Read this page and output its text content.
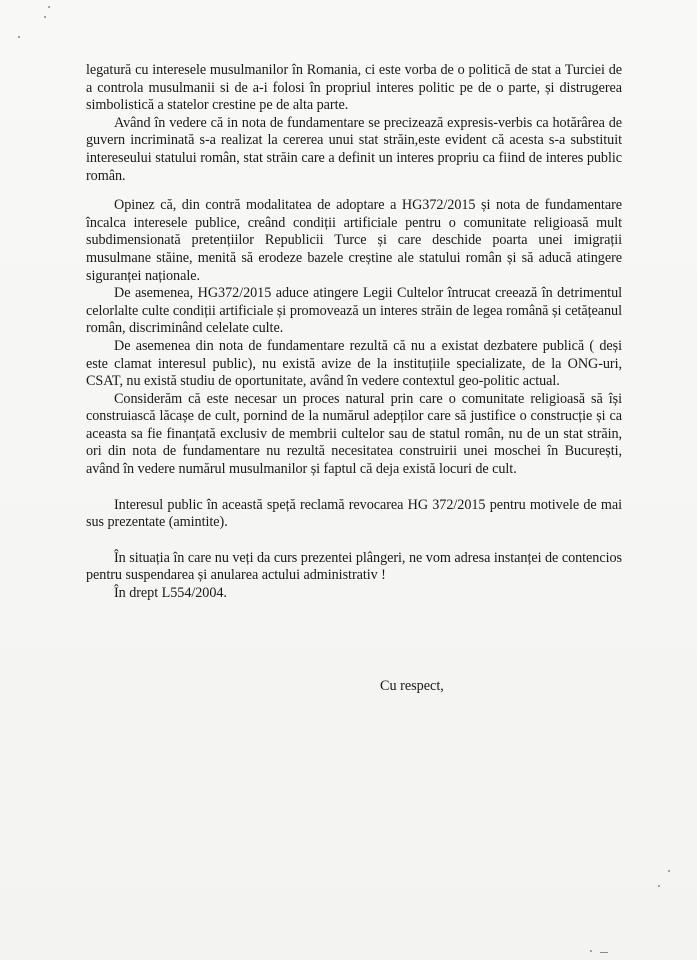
legatură cu interesele musulmanilor în Romania, ci este vorba de o politică de stat a Turciei de a controla musulmanii si de a-i folosi în propriul interes politic pe de o parte, și distrugerea simbolistică a statelor crestine pe de alta parte.

Având în vedere că in nota de fundamentare se precizează expresis-verbis ca hotărârea de guvern incriminată s-a realizat la cererea unui stat străin,este evident că acesta s-a substituit intereseului statului român, stat străin care a definit un interes propriu ca fiind de interes public român.

Opinez că, din contră modalitatea de adoptare a HG372/2015 și nota de fundamentare încalca interesele publice, creând condiții artificiale pentru o comunitate religioasă mult subdimensionată pretențiilor Republicii Turce și care deschide poarta unei imigrații musulmane stăine, menită să erodeze bazele creștine ale statului român și să aducă atingere siguranței naționale.

De asemenea, HG372/2015 aduce atingere Legii Cultelor întrucat creează în detrimentul celorlalte culte condiții artificiale și promovează un interes străin de legea română și cetățeanul român, discriminând celelate culte.

De asemenea din nota de fundamentare rezultă că nu a existat dezbatere publică ( deși este clamat interesul public), nu există avize de la instituțiile specializate, de la ONG-uri, CSAT, nu există studiu de oportunitate, având în vedere contextul geo-politic actual.

Considerăm că este necesar un proces natural prin care o comunitate religioasă să își construiască lăcașe de cult, pornind de la numărul adepților care să justifice o construcție și ca aceasta sa fie finanțată exclusiv de membrii cultelor sau de statul român, nu de un stat străin, ori din nota de fundamentare nu rezultă necesitatea construirii unei moschei în București, având în vedere numărul musulmanilor și faptul că deja există locuri de cult.

Interesul public în această speță reclamă revocarea HG 372/2015 pentru motivele de mai sus prezentate (amintite).

În situația în care nu veți da curs prezentei plângeri, ne vom adresa instanței de contencios pentru suspendarea și anularea actului administrativ !

În drept L554/2004.

Cu respect,
